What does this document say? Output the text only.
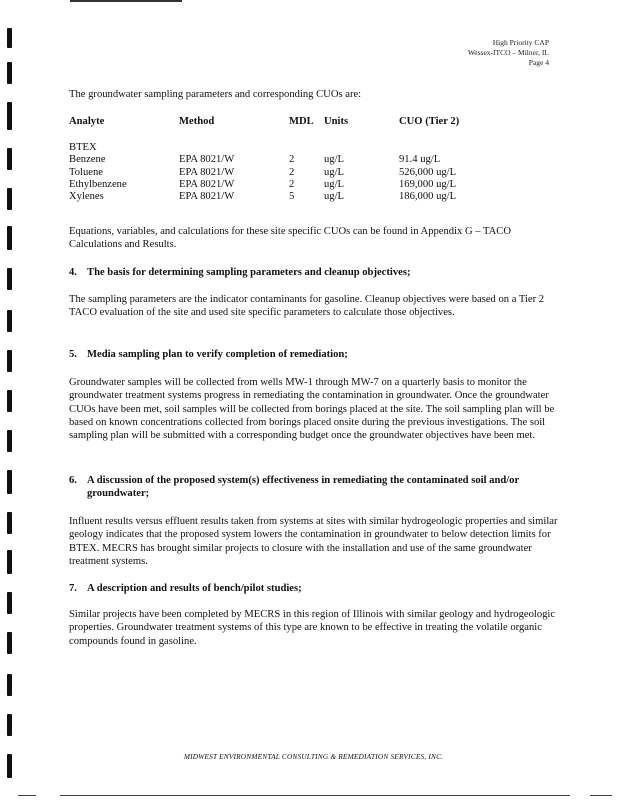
High Priority CAP
Wessex-ITCO – Milner, IL
Page 4

The groundwater sampling parameters and corresponding CUOs are:

Analyte	Method	MDL Units	CUO (Tier 2)
BTEX
Benzene	EPA 8021/W	2	ug/L	91.4 ug/L
Toluene	EPA 8021/W	2	ug/L	526,000 ug/L
Ethylbenzene	EPA 8021/W	2	ug/L	169,000 ug/L
Xylenes	EPA 8021/W	5	ug/L	186,000 ug/L

Equations, variables, and calculations for these site specific CUOs can be found in Appendix G – TACO Calculations and Results.

4. The basis for determining sampling parameters and cleanup objectives;

The sampling parameters are the indicator contaminants for gasoline. Cleanup objectives were based on a Tier 2 TACO evaluation of the site and used site specific parameters to calculate those objectives.

5. Media sampling plan to verify completion of remediation;

Groundwater samples will be collected from wells MW-1 through MW-7 on a quarterly basis to monitor the groundwater treatment systems progress in remediating the contamination in groundwater. Once the groundwater CUOs have been met, soil samples will be collected from borings placed at the site. The soil sampling plan will be based on known concentrations collected from borings placed onsite during the previous investigations. The soil sampling plan will be submitted with a corresponding budget once the groundwater objectives have been met.

6. A discussion of the proposed system(s) effectiveness in remediating the contaminated soil and/or groundwater;

Influent results versus effluent results taken from systems at sites with similar hydrogeologic properties and similar geology indicates that the proposed system lowers the contamination in groundwater to below detection limits for BTEX. MECRS has brought similar projects to closure with the installation and use of the same groundwater treatment systems.

7. A description and results of bench/pilot studies;

Similar projects have been completed by MECRS in this region of Illinois with similar geology and hydrogeologic properties. Groundwater treatment systems of this type are known to be effective in treating the volatile organic compounds found in gasoline.

MIDWEST ENVIRONMENTAL CONSULTING & REMEDIATION SERVICES, INC.
